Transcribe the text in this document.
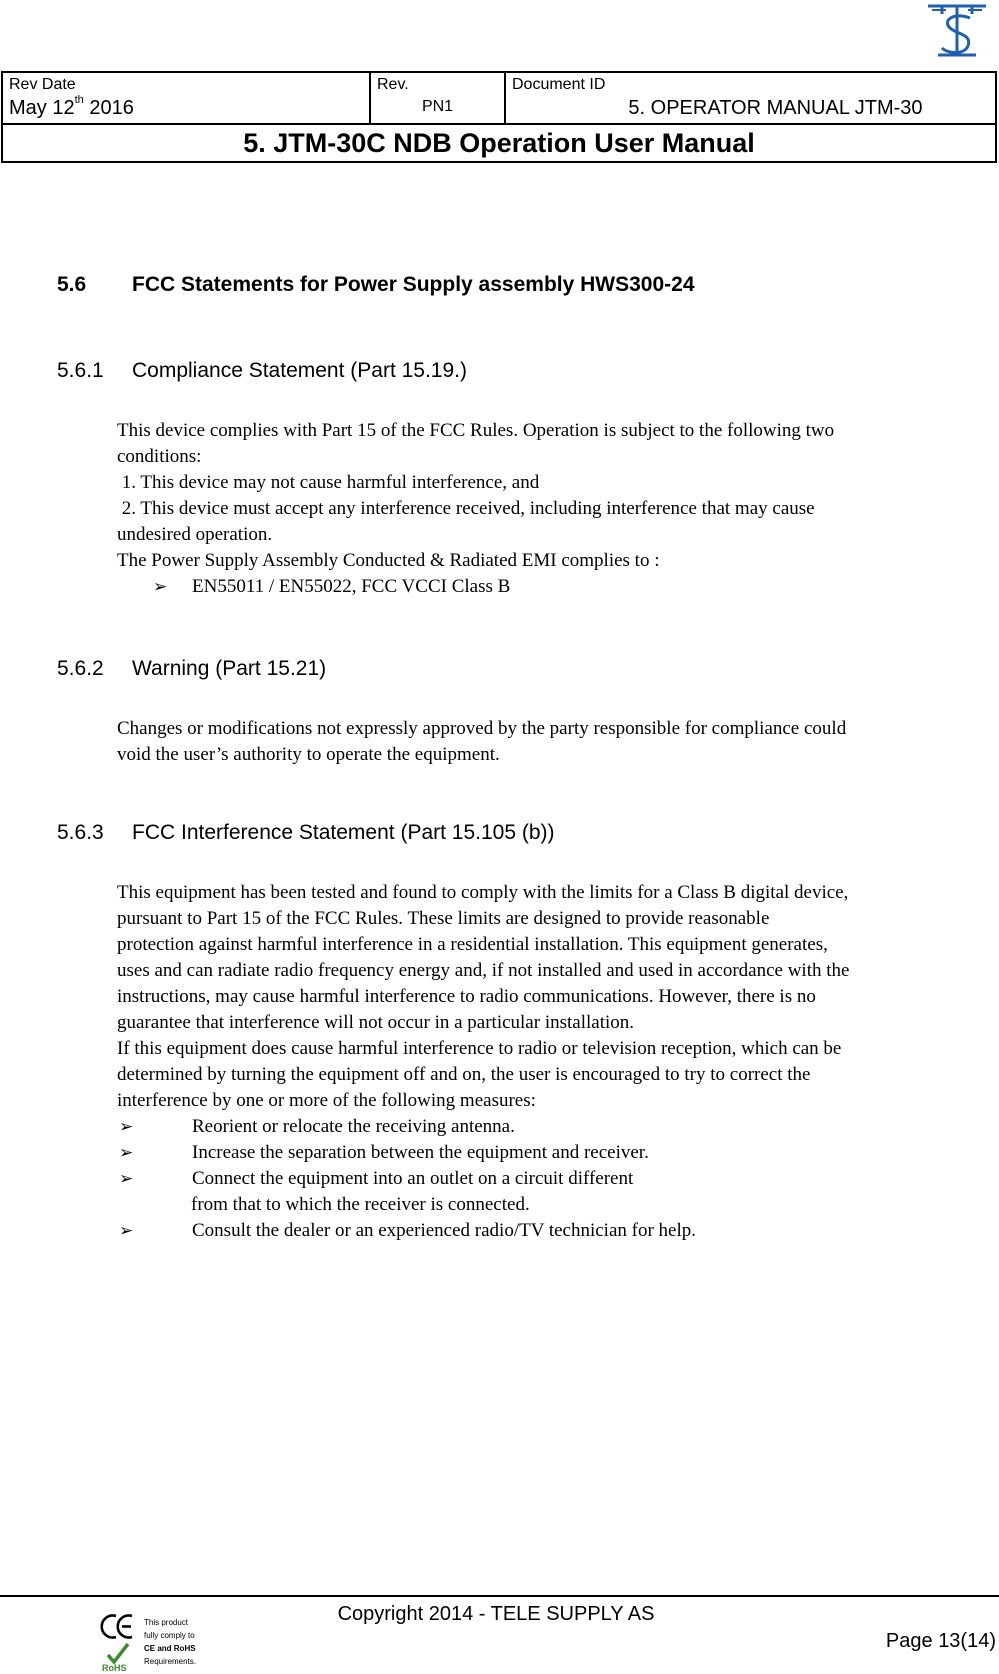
Rev Date
May 12th 2016
Rev.
PN1
Document ID
5. OPERATOR MANUAL JTM-30
5. JTM-30C NDB Operation User Manual
5.6 FCC Statements for Power Supply assembly HWS300-24
5.6.1 Compliance Statement (Part 15.19.)

This device complies with Part 15 of the FCC Rules. Operation is subject to the following two

conditions:

1. This device may not cause harmful interference, and

2. This device must accept any interference received, including interference that may cause

undesired operation.

The Power Supply Assembly Conducted & Radiated EMI complies to :

➢ EN55011 / EN55022, FCC VCCI Class B

5.6.2 Warning (Part 15.21)

Changes or modifications not expressly approved by the party responsible for compliance could

void the user’s authority to operate the equipment.

5.6.3 FCC Interference Statement (Part 15.105 (b))

This equipment has been tested and found to comply with the limits for a Class B digital device,

pursuant to Part 15 of the FCC Rules. These limits are designed to provide reasonable

protection against harmful interference in a residential installation. This equipment generates,

uses and can radiate radio frequency energy and, if not installed and used in accordance with the

instructions, may cause harmful interference to radio communications. However, there is no

guarantee that interference will not occur in a particular installation.

If this equipment does cause harmful interference to radio or television reception, which can be

determined by turning the equipment off and on, the user is encouraged to try to correct the

interference by one or more of the following measures:

➢	Reorient or relocate the receiving antenna.

➢	Increase the separation between the equipment and receiver.

➢	Connect the equipment into an outlet on a circuit different

from that to which the receiver is connected.

➢	Consult the dealer or an experienced radio/TV technician for help.

Copyright 2014 - TELE SUPPLY AS
Page 13(14)
RoHS
This product
fully comply to
CE and RoHS
Requirements.
